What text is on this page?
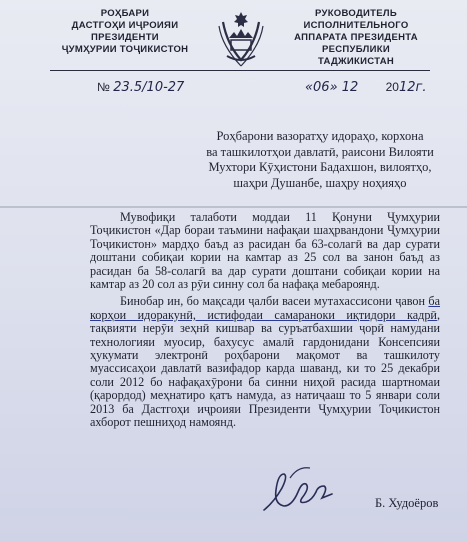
РОҲБАРИ
ДАСТГОҲИ ИҶРОИЯИ
ПРЕЗИДЕНТИ
ҶУМҲУРИИ ТОҶИКИСТОН
РУКОВОДИТЕЛЬ
ИСПОЛНИТЕЛЬНОГО
АППАРАТА ПРЕЗИДЕНТА
РЕСПУБЛИКИ ТАДЖИКИСТАН
№ 23.5/10-27	«06» 12 2012г.
Роҳбарони вазоратҳу идораҳо, корхона
ва ташкилотҳои давлатӣ, раисони Вилояти
Мухтори Кӯҳистони Бадахшон, вилоятҳо,
шаҳри Душанбе, шаҳру ноҳияҳо

Мувофиқи талаботи моддаи 11 Қонуни Ҷумҳурии Тоҷикистон «Дар бораи таъмини нафақаи шаҳрвандони Ҷумҳурии Тоҷикистон» мардҳо баъд аз расидан ба 63-солагӣ ва дар сурати доштани собиқаи кории на камтар аз 25 сол ва занон баъд аз расидан ба 58-солагӣ ва дар сурати доштани собиқаи кории на камтар аз 20 сол аз рӯи синну сол ба нафақа мебароянд.

Бинобар ин, бо мақсади ҷалби васеи мутахассисони ҷавон ба корҳои идоракунӣ, истифодаи самараноки иқтидори кадрӣ, тақвияти нерӯи зеҳнӣ кишвар ва суръатбахшии ҷорӣ намудани технологияи муосир, бахусус амалӣ гардонидани Консепсияи ҳукумати электронӣ роҳбарони мақомот ва ташкилоту муассисаҳои давлатӣ вазифадор карда шаванд, ки то 25 декабри соли 2012 бо нафақахӯрони ба синни ниҳоӣ расида шартномаи (қарордод) меҳнатиро қатъ намуда, аз натиҷааш то 5 январи соли 2013 ба Дастгоҳи иҷроияи Президенти Ҷумҳурии Тоҷикистон ахборот пешниҳод намоянд.

Б. Худоёров
